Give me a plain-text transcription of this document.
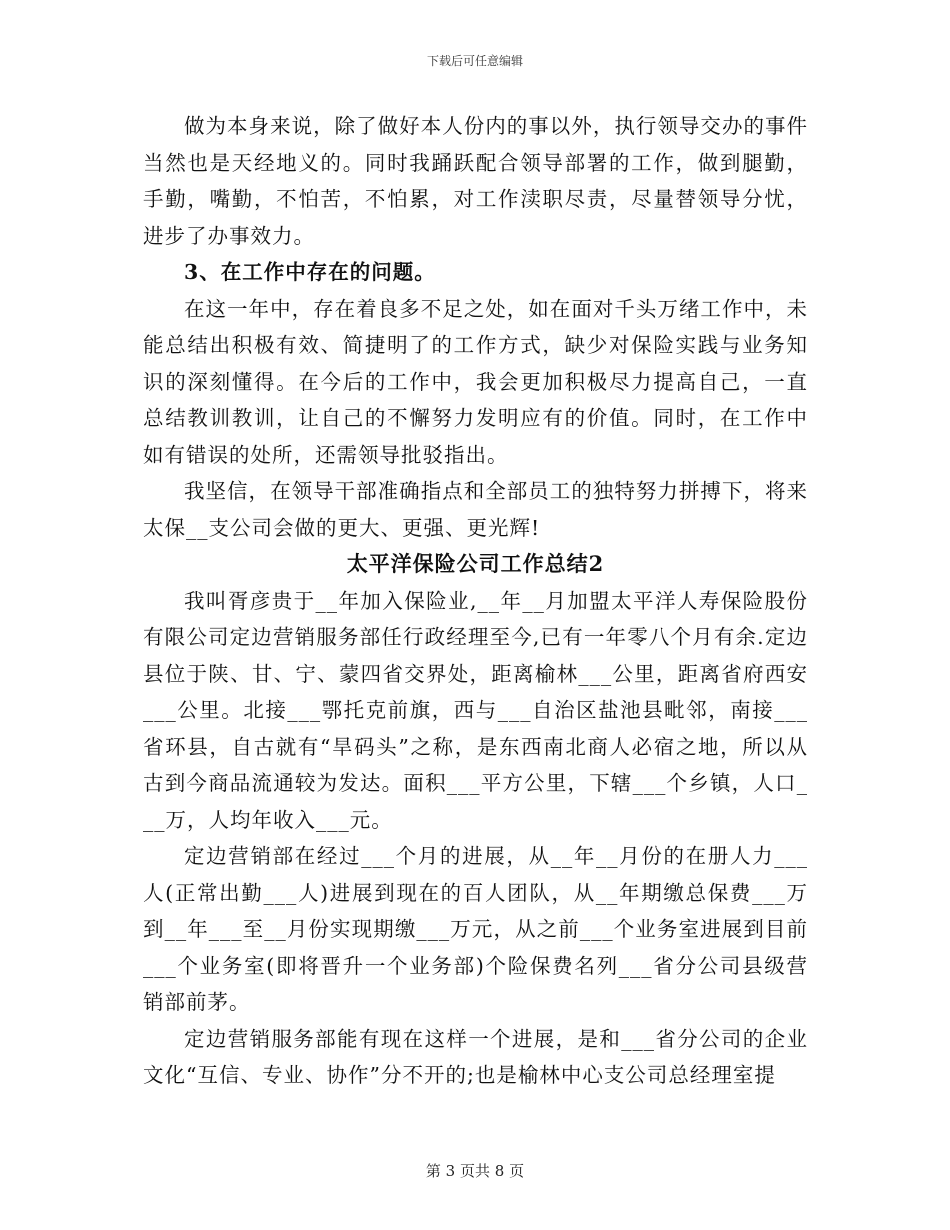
下载后可任意编辑

做为本身来说，除了做好本人份内的事以外，执行领导交办的事件当然也是天经地义的。同时我踊跃配合领导部署的工作，做到腿勤，手勤，嘴勤，不怕苦，不怕累，对工作渎职尽责，尽量替领导分忧，进步了办事效力。

3、在工作中存在的问题。

在这一年中，存在着良多不足之处，如在面对千头万绪工作中，未能总结出积极有效、简捷明了的工作方式，缺少对保险实践与业务知识的深刻懂得。在今后的工作中，我会更加积极尽力提高自己，一直总结教训教训，让自己的不懈努力发明应有的价值。同时，在工作中如有错误的处所，还需领导批驳指出。

我坚信，在领导干部准确指点和全部员工的独特努力拼搏下，将来太保__支公司会做的更大、更强、更光辉!

太平洋保险公司工作总结2

我叫胥彦贵于__年加入保险业,__年__月加盟太平洋人寿保险股份有限公司定边营销服务部任行政经理至今,已有一年零八个月有余.定边县位于陕、甘、宁、蒙四省交界处，距离榆林___公里，距离省府西安___公里。北接___鄂托克前旗，西与___自治区盐池县毗邻，南接___省环县，自古就有“旱码头”之称，是东西南北商人必宿之地，所以从古到今商品流通较为发达。面积___平方公里，下辖___个乡镇，人口___万，人均年收入___元。

定边营销部在经过___个月的进展，从__年__月份的在册人力___人(正常出勤___人)进展到现在的百人团队，从__年期缴总保费___万到__年___至__月份实现期缴___万元，从之前___个业务室进展到目前___个业务室(即将晋升一个业务部)个险保费名列___省分公司县级营销部前茅。

定边营销服务部能有现在这样一个进展，是和___省分公司的企业文化“互信、专业、协作”分不开的;也是榆林中心支公司总经理室提

第 3 页共 8 页
